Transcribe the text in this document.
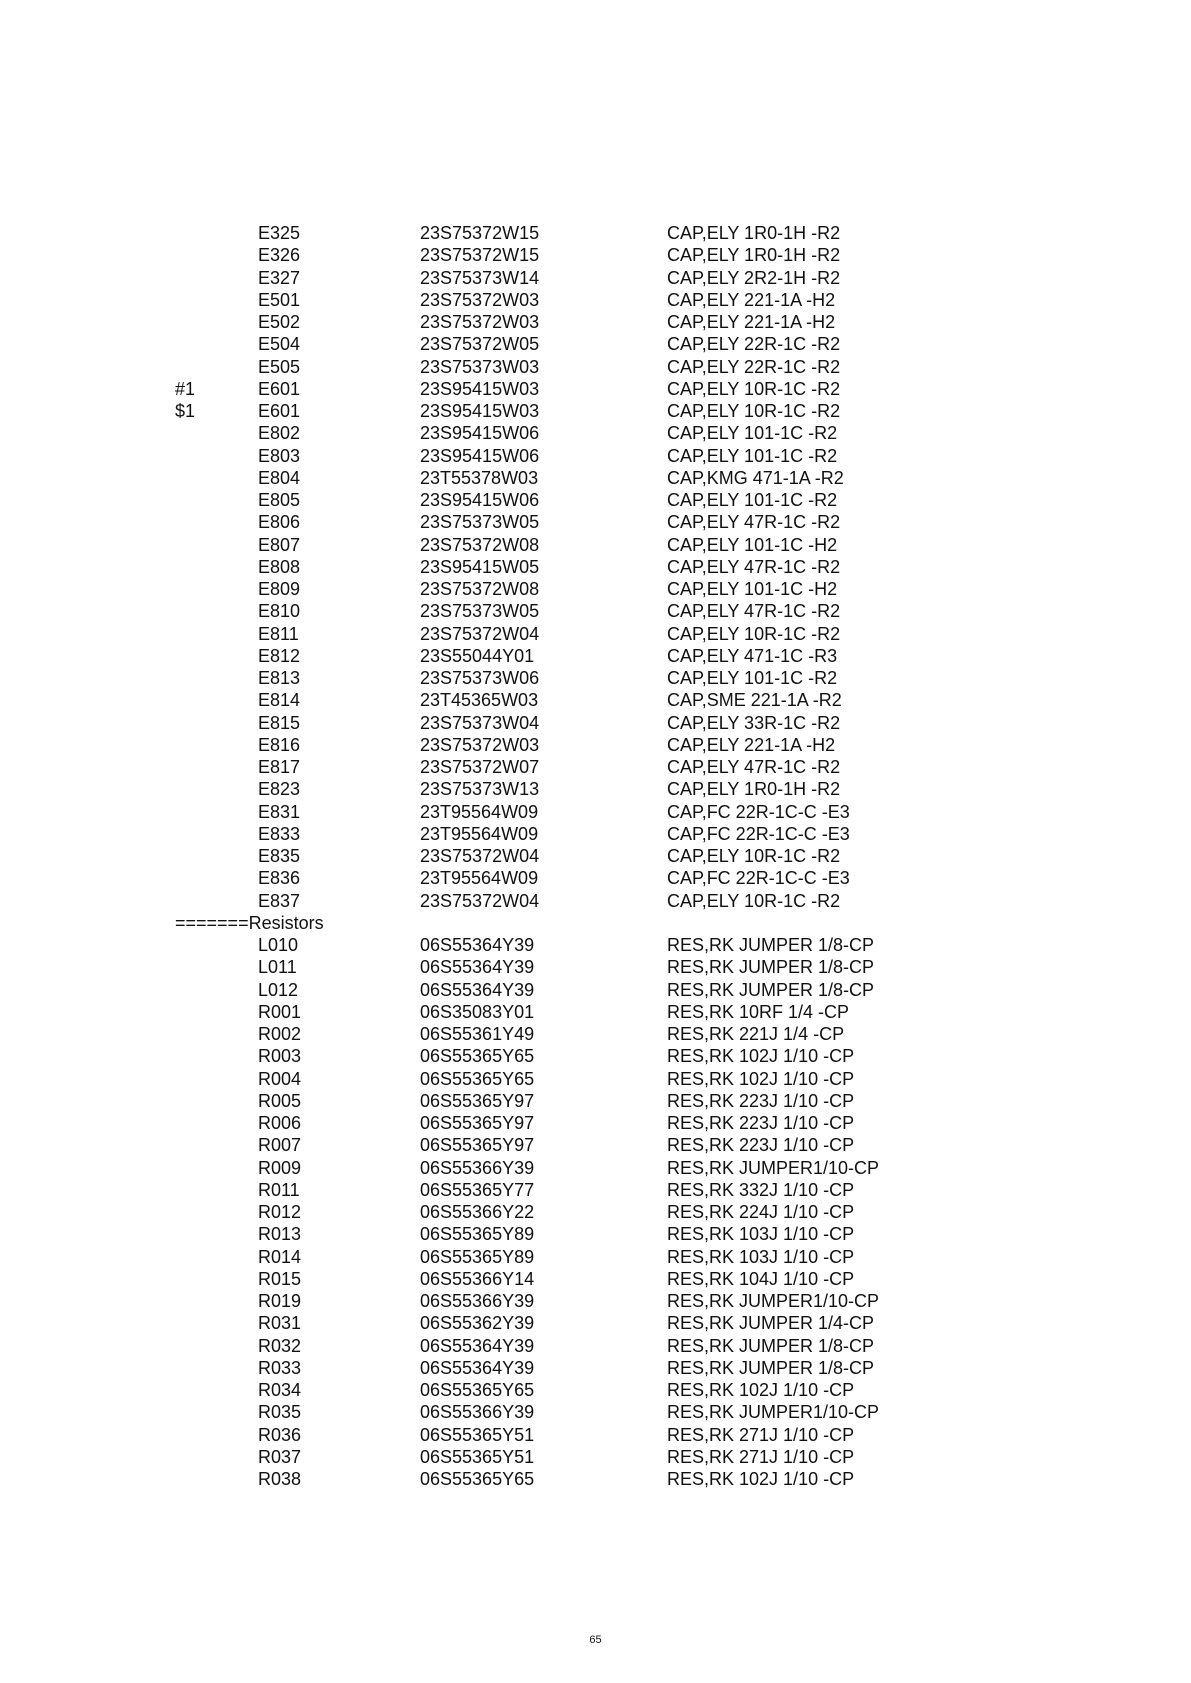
E325	23S75372W15	CAP,ELY 1R0-1H -R2
E326	23S75372W15	CAP,ELY 1R0-1H -R2
E327	23S75373W14	CAP,ELY 2R2-1H -R2
E501	23S75372W03	CAP,ELY 221-1A -H2
E502	23S75372W03	CAP,ELY 221-1A -H2
E504	23S75372W05	CAP,ELY 22R-1C -R2
E505	23S75373W03	CAP,ELY 22R-1C -R2
#1	E601	23S95415W03	CAP,ELY 10R-1C -R2
$1	E601	23S95415W03	CAP,ELY 10R-1C -R2
E802	23S95415W06	CAP,ELY 101-1C -R2
E803	23S95415W06	CAP,ELY 101-1C -R2
E804	23T55378W03	CAP,KMG 471-1A -R2
E805	23S95415W06	CAP,ELY 101-1C -R2
E806	23S75373W05	CAP,ELY 47R-1C -R2
E807	23S75372W08	CAP,ELY 101-1C -H2
E808	23S95415W05	CAP,ELY 47R-1C -R2
E809	23S75372W08	CAP,ELY 101-1C -H2
E810	23S75373W05	CAP,ELY 47R-1C -R2
E811	23S75372W04	CAP,ELY 10R-1C -R2
E812	23S55044Y01	CAP,ELY 471-1C -R3
E813	23S75373W06	CAP,ELY 101-1C -R2
E814	23T45365W03	CAP,SME 221-1A -R2
E815	23S75373W04	CAP,ELY 33R-1C -R2
E816	23S75372W03	CAP,ELY 221-1A -H2
E817	23S75372W07	CAP,ELY 47R-1C -R2
E823	23S75373W13	CAP,ELY 1R0-1H -R2
E831	23T95564W09	CAP,FC 22R-1C-C -E3
E833	23T95564W09	CAP,FC 22R-1C-C -E3
E835	23S75372W04	CAP,ELY 10R-1C -R2
E836	23T95564W09	CAP,FC 22R-1C-C -E3
E837	23S75372W04	CAP,ELY 10R-1C -R2
=======Resistors
L010	06S55364Y39	RES,RK JUMPER 1/8-CP
L011	06S55364Y39	RES,RK JUMPER 1/8-CP
L012	06S55364Y39	RES,RK JUMPER 1/8-CP
R001	06S35083Y01	RES,RK 10RF 1/4 -CP
R002	06S55361Y49	RES,RK 221J 1/4 -CP
R003	06S55365Y65	RES,RK 102J 1/10 -CP
R004	06S55365Y65	RES,RK 102J 1/10 -CP
R005	06S55365Y97	RES,RK 223J 1/10 -CP
R006	06S55365Y97	RES,RK 223J 1/10 -CP
R007	06S55365Y97	RES,RK 223J 1/10 -CP
R009	06S55366Y39	RES,RK JUMPER1/10-CP
R011	06S55365Y77	RES,RK 332J 1/10 -CP
R012	06S55366Y22	RES,RK 224J 1/10 -CP
R013	06S55365Y89	RES,RK 103J 1/10 -CP
R014	06S55365Y89	RES,RK 103J 1/10 -CP
R015	06S55366Y14	RES,RK 104J 1/10 -CP
R019	06S55366Y39	RES,RK JUMPER1/10-CP
R031	06S55362Y39	RES,RK JUMPER 1/4-CP
R032	06S55364Y39	RES,RK JUMPER 1/8-CP
R033	06S55364Y39	RES,RK JUMPER 1/8-CP
R034	06S55365Y65	RES,RK 102J 1/10 -CP
R035	06S55366Y39	RES,RK JUMPER1/10-CP
R036	06S55365Y51	RES,RK 271J 1/10 -CP
R037	06S55365Y51	RES,RK 271J 1/10 -CP
R038	06S55365Y65	RES,RK 102J 1/10 -CP
65
